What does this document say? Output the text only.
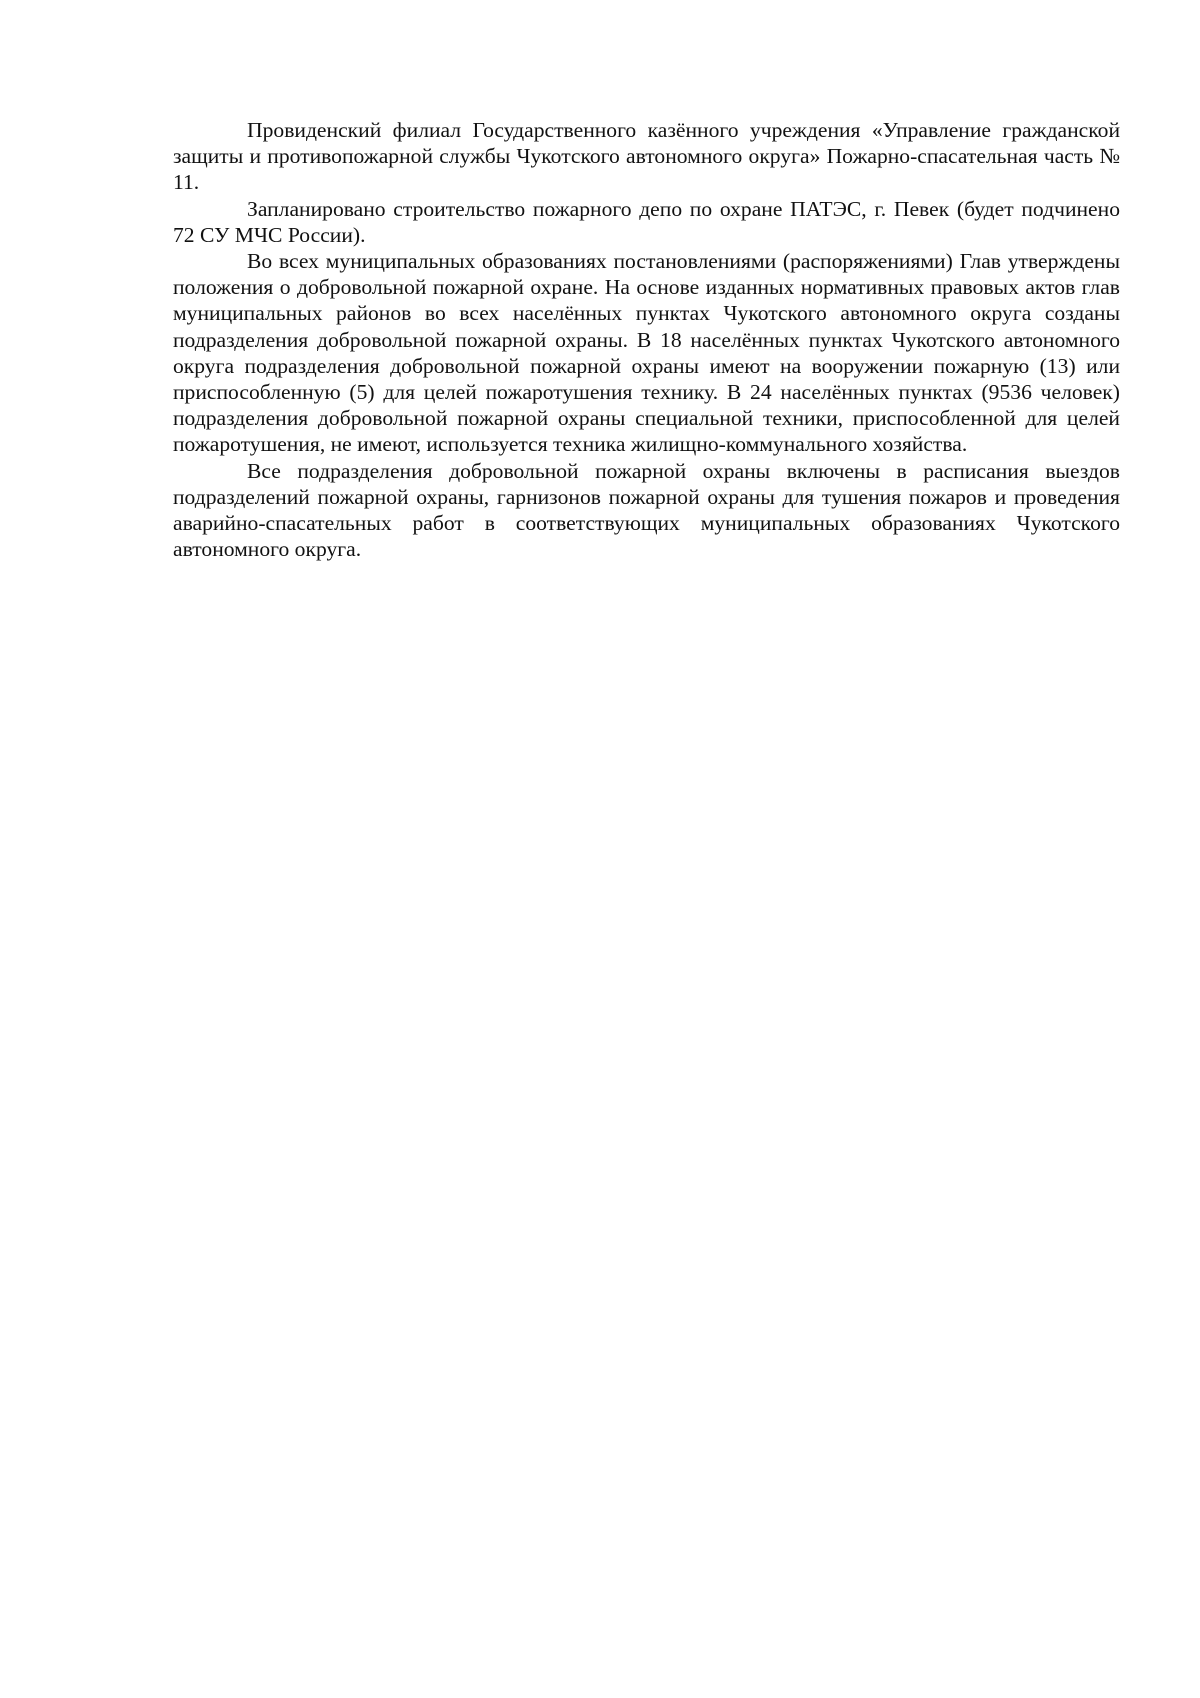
Провиденский филиал Государственного казённого учреждения «Управление гражданской защиты и противопожарной службы Чукотского автономного округа» Пожарно-спасательная часть № 11.

Запланировано строительство пожарного депо по охране ПАТЭС, г. Певек (будет подчинено 72 СУ МЧС России).

Во всех муниципальных образованиях постановлениями (распоряжениями) Глав утверждены положения о добровольной пожарной охране. На основе изданных нормативных правовых актов глав муниципальных районов во всех населённых пунктах Чукотского автономного округа созданы подразделения добровольной пожарной охраны. В 18 населённых пунктах Чукотского автономного округа подразделения добровольной пожарной охраны имеют на вооружении пожарную (13) или приспособленную (5) для целей пожаротушения технику. В 24 населённых пунктах (9536 человек) подразделения добровольной пожарной охраны специальной техники, приспособленной для целей пожаротушения, не имеют, используется техника жилищно-коммунального хозяйства.

Все подразделения добровольной пожарной охраны включены в расписания выездов подразделений пожарной охраны, гарнизонов пожарной охраны для тушения пожаров и проведения аварийно-спасательных работ в соответствующих муниципальных образованиях Чукотского автономного округа.
